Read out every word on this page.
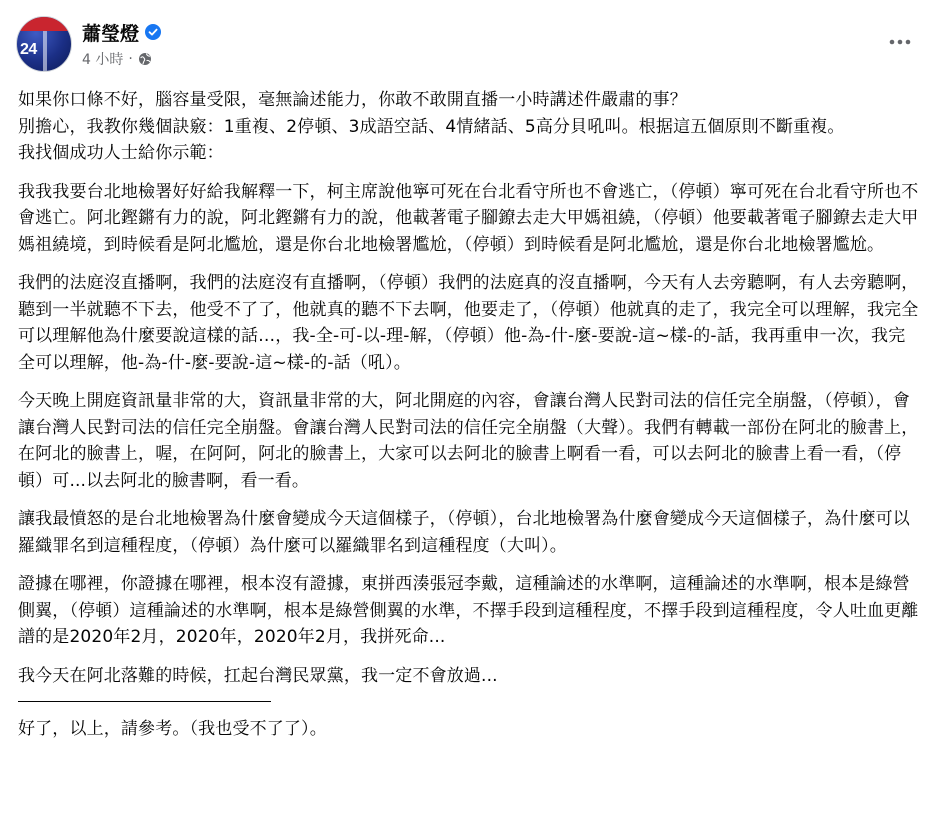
24
蕭瑩燈
4 小時 ·
如果你口條不好，腦容量受限，毫無論述能力，你敢不敢開直播一小時講述件嚴肅的事？
別擔心，我教你幾個訣竅：1重複、2停頓、3成語空話、4情緒話、5高分貝吼叫。根据這五個原則不斷重複。
我找個成功人士給你示範：

我我我要台北地檢署好好給我解釋一下，柯主席說他寧可死在台北看守所也不會逃亡，（停頓）寧可死在台北看守所也不會逃亡。阿北鏗鏘有力的說，阿北鏗鏘有力的說，他載著電子腳鐐去走大甲媽祖繞，（停頓）他要載著電子腳鐐去走大甲媽祖繞境，到時候看是阿北尷尬，還是你台北地檢署尷尬，（停頓）到時候看是阿北尷尬，還是你台北地檢署尷尬。

我們的法庭沒直播啊，我們的法庭沒有直播啊，（停頓）我們的法庭真的沒直播啊，今天有人去旁聽啊，有人去旁聽啊，聽到一半就聽不下去，他受不了了，他就真的聽不下去啊，他要走了，（停頓）他就真的走了，我完全可以理解，我完全可以理解他為什麼要說這樣的話…，我-全-可-以-理-解，（停頓）他-為-什-麼-要說-這~樣-的-話，我再重申一次，我完全可以理解，他-為-什-麼-要說-這~樣-的-話（吼）。

今天晚上開庭資訊量非常的大，資訊量非常的大，阿北開庭的內容，會讓台灣人民對司法的信任完全崩盤，（停頓），會讓台灣人民對司法的信任完全崩盤。會讓台灣人民對司法的信任完全崩盤（大聲）。我們有轉載一部份在阿北的臉書上，在阿北的臉書上，喔，在阿阿，阿北的臉書上，大家可以去阿北的臉書上啊看一看，可以去阿北的臉書上看一看，（停頓）可...以去阿北的臉書啊，看一看。

讓我最憤怒的是台北地檢署為什麼會變成今天這個樣子，（停頓），台北地檢署為什麼會變成今天這個樣子，為什麼可以羅織罪名到這種程度，（停頓）為什麼可以羅織罪名到這種程度（大叫）。

證據在哪裡，你證據在哪裡，根本沒有證據，東拼西湊張冠李戴，這種論述的水準啊，這種論述的水準啊，根本是綠營側翼，（停頓）這種論述的水準啊，根本是綠營側翼的水準，不擇手段到這種程度，不擇手段到這種程度，令人吐血更離譜的是2020年2月，2020年，2020年2月，我拼死命...

我今天在阿北落難的時候，扛起台灣民眾黨，我一定不會放過...

好了，以上，請參考。（我也受不了了）。
